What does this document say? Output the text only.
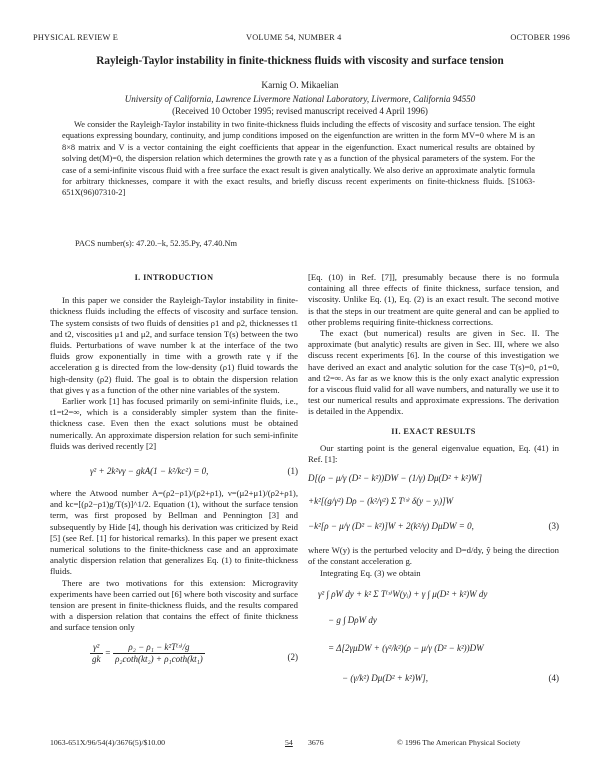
PHYSICAL REVIEW E	VOLUME 54, NUMBER 4	OCTOBER 1996
Rayleigh-Taylor instability in finite-thickness fluids with viscosity and surface tension
Karnig O. Mikaelian
University of California, Lawrence Livermore National Laboratory, Livermore, California 94550
(Received 10 October 1995; revised manuscript received 4 April 1996)
We consider the Rayleigh-Taylor instability in two finite-thickness fluids including the effects of viscosity and surface tension. The eight equations expressing boundary, continuity, and jump conditions imposed on the eigenfunction are written in the form MV=0 where M is an 8×8 matrix and V is a vector containing the eight coefficients that appear in the eigenfunction. Exact numerical results are obtained by solving det(M)=0, the dispersion relation which determines the growth rate γ as a function of the physical parameters of the system. For the case of a semi-infinite viscous fluid with a free surface the exact result is given analytically. We also derive an approximate analytic formula for arbitrary thicknesses, compare it with the exact results, and briefly discuss recent experiments on finite-thickness fluids. [S1063-651X(96)07310-2]
PACS number(s): 47.20.−k, 52.35.Py, 47.40.Nm

I. INTRODUCTION

In this paper we consider the Rayleigh-Taylor instability in finite-thickness fluids including the effects of viscosity and surface tension. The system consists of two fluids of densities ρ1 and ρ2, thicknesses t1 and t2, viscosities μ1 and μ2, and surface tension T(s) between the two fluids. Perturbations of wave number k at the interface of the two fluids grow exponentially in time with a growth rate γ if the acceleration g is directed from the low-density (ρ1) fluid towards the high-density (ρ2) fluid. The goal is to obtain the dispersion relation that gives γ as a function of the other nine variables of the system.

Earlier work [1] has focused primarily on semi-infinite fluids, i.e., t1=t2=∞, which is a considerably simpler system than the finite-thickness case. Even then the exact solutions must be obtained numerically. An approximate dispersion relation for such semi-infinite fluids was derived recently [2]

γ² + 2k²νγ − gkA(1 − k²/kc²) = 0,	(1)

where the Atwood number A=(ρ2−ρ1)/(ρ2+ρ1), ν=(μ2+μ1)/(ρ2+ρ1), and kc=[(ρ2−ρ1)g/T(s)]^1/2. Equation (1), without the surface tension term, was first proposed by Bellman and Pennington [3] and subsequently by Hide [4], though his derivation was criticized by Reid [5] (see Ref. [1] for historical remarks). In this paper we present exact numerical solutions to the finite-thickness case and an approximate analytic dispersion relation that generalizes Eq. (1) to finite-thickness fluids.

There are two motivations for this extension: Microgravity experiments have been carried out [6] where both viscosity and surface tension are present in finite-thickness fluids, and the results compared with a dispersion relation that contains the effect of finite thickness and surface tension only

$\frac{\text{γ²}}{gk} = \frac{\text{ρ₂ − ρ₁ − k²T⁽ˢ⁾/g}}{\text{ρ₂coth(kt₂) + ρ₁coth(kt₁)}}$	(2)

[Eq. (10) in Ref. [7]], presumably because there is no formula containing all three effects of finite thickness, surface tension, and viscosity. Unlike Eq. (1), Eq. (2) is an exact result. The second motive is that the steps in our treatment are quite general and can be applied to other problems requiring finite-thickness corrections.

The exact (but numerical) results are given in Sec. II. The approximate (but analytic) results are given in Sec. III, where we also discuss recent experiments [6]. In the course of this investigation we have derived an exact and analytic solution for the case T(s)=0, ρ1=0, and t2=∞. As far as we know this is the only exact analytic expression for a viscous fluid valid for all wave numbers, and naturally we use it to test our numerical results and approximate expressions. The derivation is detailed in the Appendix.

II. EXACT RESULTS

Our starting point is the general eigenvalue equation, Eq. (41) in Ref. [1]:

D[(ρ − μ/γ (D² − k²))DW − (1/γ) Dμ(D² + k²)W]
+k²[(g/γ²) Dρ − (k²/γ²) Σ T⁽ˢ⁾ δ(y − yᵢ)]W
−k²[ρ − μ/γ (D² − k²)]W + 2(k²/γ) DμDW = 0,	(3)

where W(y) is the perturbed velocity and D=d/dy, ŷ being the direction of the constant acceleration g.

Integrating Eq. (3) we obtain

γ² ∫ ρW dy + k² Σ T⁽ˢ⁾W(yᵢ) + γ ∫ μ(D² + k²)W dy
− g ∫ DρW dy
= Δ[2γμDW + (γ²/k²)(ρ − μ/γ (D² − k²))DW
− (γ/k²) Dμ(D² + k²)W],	(4)
1063-651X/96/54(4)/3676(5)/$10.00	54 3676	© 1996 The American Physical Society
